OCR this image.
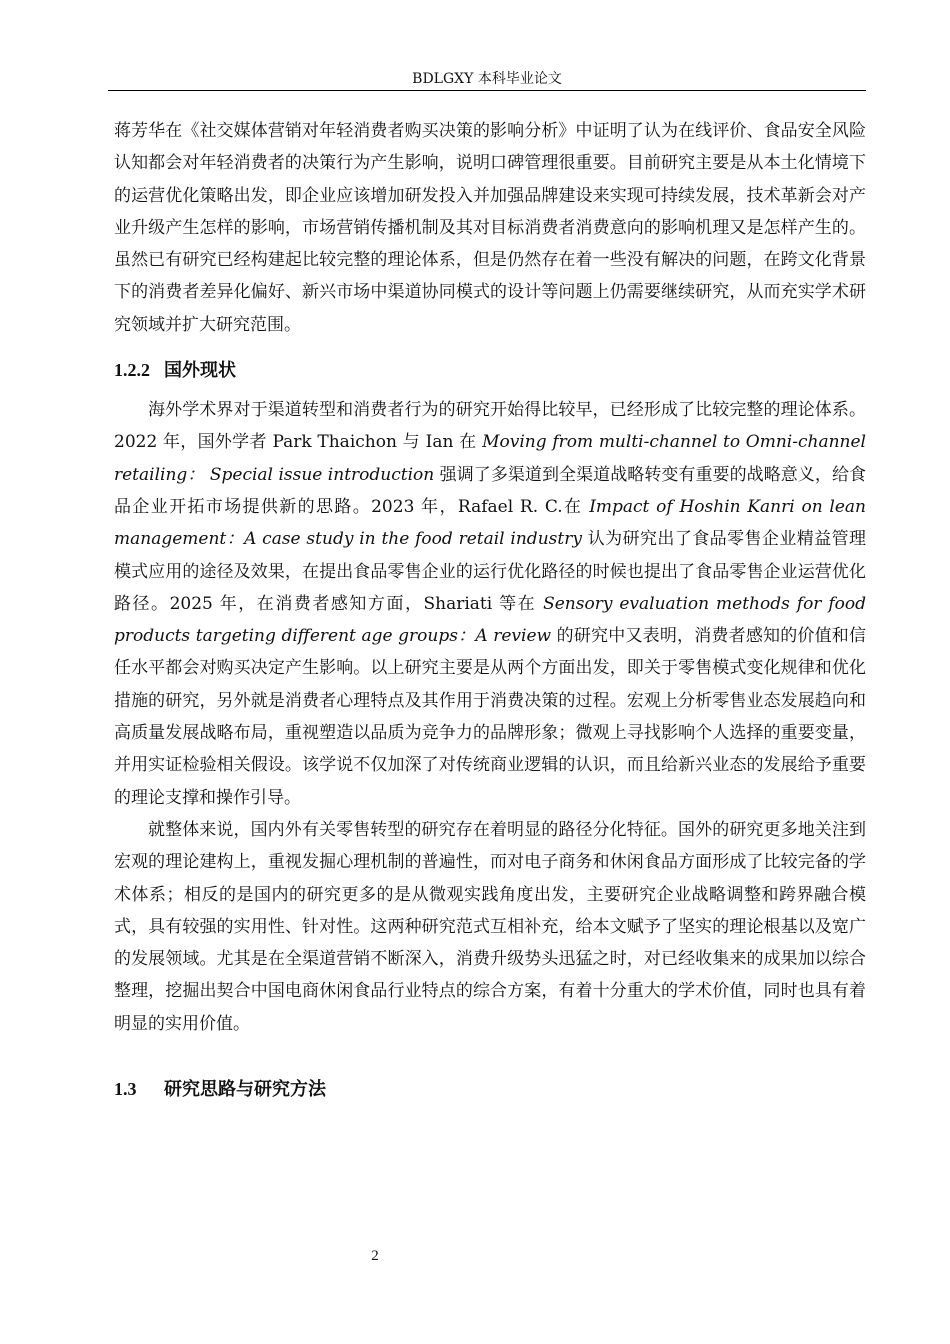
BDLGXY 本科毕业论文

蒋芳华在《社交媒体营销对年轻消费者购买决策的影响分析》中证明了认为在线评价、食品安全风险认知都会对年轻消费者的决策行为产生影响，说明口碑管理很重要。目前研究主要是从本土化情境下的运营优化策略出发，即企业应该增加研发投入并加强品牌建设来实现可持续发展，技术革新会对产业升级产生怎样的影响，市场营销传播机制及其对目标消费者消费意向的影响机理又是怎样产生的。虽然已有研究已经构建起比较完整的理论体系，但是仍然存在着一些没有解决的问题，在跨文化背景下的消费者差异化偏好、新兴市场中渠道协同模式的设计等问题上仍需要继续研究，从而充实学术研究领域并扩大研究范围。

1.2.2 国外现状

海外学术界对于渠道转型和消费者行为的研究开始得比较早，已经形成了比较完整的理论体系。2022 年，国外学者 Park Thaichon 与 Ian 在 Moving from multi-channel to Omni-channel retailing： Special issue introduction 强调了多渠道到全渠道战略转变有重要的战略意义，给食品企业开拓市场提供新的思路。2023 年，Rafael R. C.在 Impact of Hoshin Kanri on lean management：A case study in the food retail industry 认为研究出了食品零售企业精益管理模式应用的途径及效果，在提出食品零售企业的运行优化路径的时候也提出了食品零售企业运营优化路径。2025 年，在消费者感知方面，Shariati 等在 Sensory evaluation methods for food products targeting different age groups：A review 的研究中又表明，消费者感知的价值和信任水平都会对购买决定产生影响。以上研究主要是从两个方面出发，即关于零售模式变化规律和优化措施的研究，另外就是消费者心理特点及其作用于消费决策的过程。宏观上分析零售业态发展趋向和高质量发展战略布局，重视塑造以品质为竞争力的品牌形象；微观上寻找影响个人选择的重要变量，并用实证检验相关假设。该学说不仅加深了对传统商业逻辑的认识，而且给新兴业态的发展给予重要的理论支撑和操作引导。

就整体来说，国内外有关零售转型的研究存在着明显的路径分化特征。国外的研究更多地关注到宏观的理论建构上，重视发掘心理机制的普遍性，而对电子商务和休闲食品方面形成了比较完备的学术体系；相反的是国内的研究更多的是从微观实践角度出发，主要研究企业战略调整和跨界融合模式，具有较强的实用性、针对性。这两种研究范式互相补充，给本文赋予了坚实的理论根基以及宽广的发展领域。尤其是在全渠道营销不断深入，消费升级势头迅猛之时，对已经收集来的成果加以综合整理，挖掘出契合中国电商休闲食品行业特点的综合方案，有着十分重大的学术价值，同时也具有着明显的实用价值。

1.3 研究思路与研究方法
2
